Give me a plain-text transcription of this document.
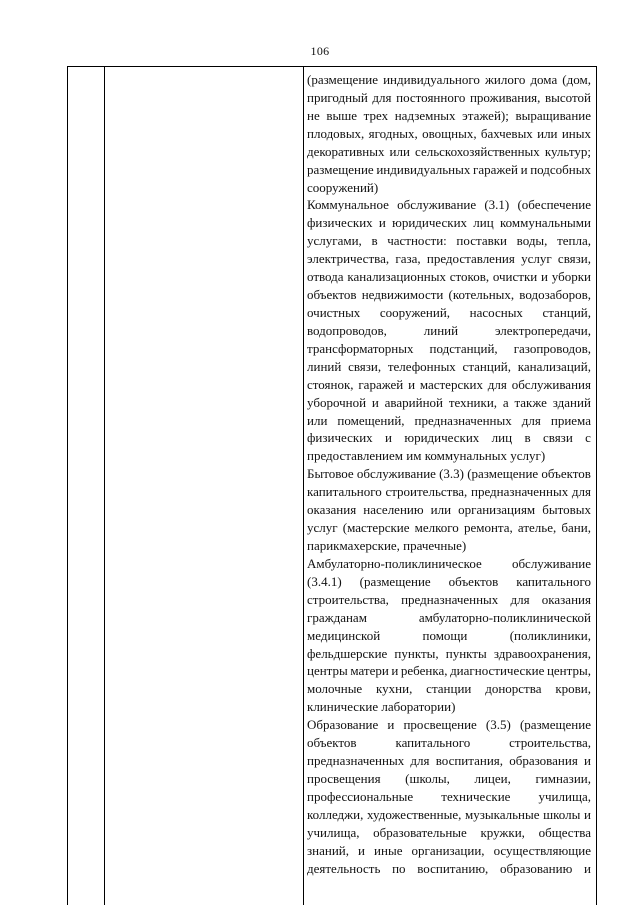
106
(размещение индивидуального жилого дома (дом,
пригодный для постоянного проживания, высотой
не выше трех надземных этажей); выращивание
плодовых, ягодных, овощных, бахчевых или иных
декоративных или сельскохозяйственных культур;
размещение индивидуальных гаражей и подсобных
сооружений)
Коммунальное обслуживание (3.1) (обеспечение
физических и юридических лиц коммунальными
услугами, в частности: поставки воды, тепла,
электричества, газа, предоставления услуг связи,
отвода канализационных стоков, очистки и уборки
объектов недвижимости (котельных, водозаборов,
очистных сооружений, насосных станций,
водопроводов,	линий	электропередачи,
трансформаторных подстанций, газопроводов,
линий связи, телефонных станций, канализаций,
стоянок, гаражей и мастерских для обслуживания
уборочной и аварийной техники, а также зданий
или помещений, предназначенных для приема
физических и юридических лиц в связи с
предоставлением им коммунальных услуг)
Бытовое обслуживание (3.3) (размещение объектов
капитального строительства, предназначенных для
оказания населению или организациям бытовых
услуг (мастерские мелкого ремонта, ателье, бани,
парикмахерские, прачечные)
Амбулаторно-поликлиническое обслуживание
(3.4.1) (размещение объектов капитального
строительства, предназначенных для оказания
гражданам	амбулаторно-поликлинической
медицинской	помощи	(поликлиники,
фельдшерские пункты, пункты здравоохранения,
центры матери и ребенка, диагностические центры,
молочные кухни, станции донорства крови,
клинические лаборатории)
Образование и просвещение (3.5) (размещение
объектов	капитального	строительства,
предназначенных для воспитания, образования и
просвещения (школы, лицеи, гимназии,
профессиональные технические училища,
колледжи, художественные, музыкальные школы и
училища, образовательные кружки, общества
знаний, и иные организации, осуществляющие
деятельность по воспитанию, образованию и
